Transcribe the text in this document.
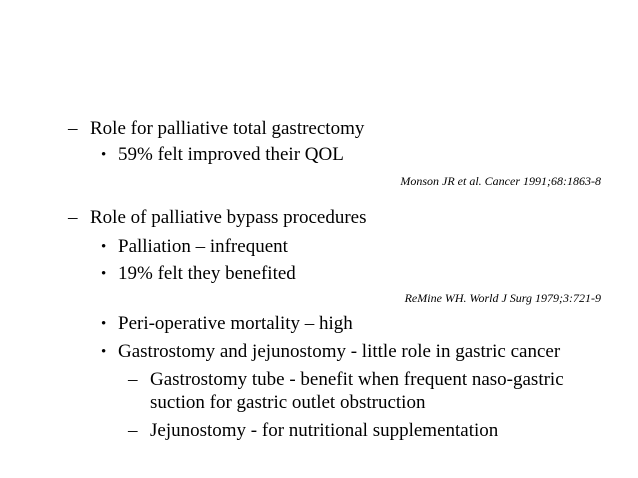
– Role for palliative total gastrectomy
• 59% felt improved their QOL
Monson JR et al. Cancer 1991;68:1863-8
– Role of palliative bypass procedures
• Palliation – infrequent
• 19% felt they benefited
ReMine WH. World J Surg 1979;3:721-9
• Peri-operative mortality – high
• Gastrostomy and jejunostomy - little role in gastric cancer
– Gastrostomy tube - benefit when frequent naso-gastric
suction for gastric outlet obstruction
– Jejunostomy - for nutritional supplementation
